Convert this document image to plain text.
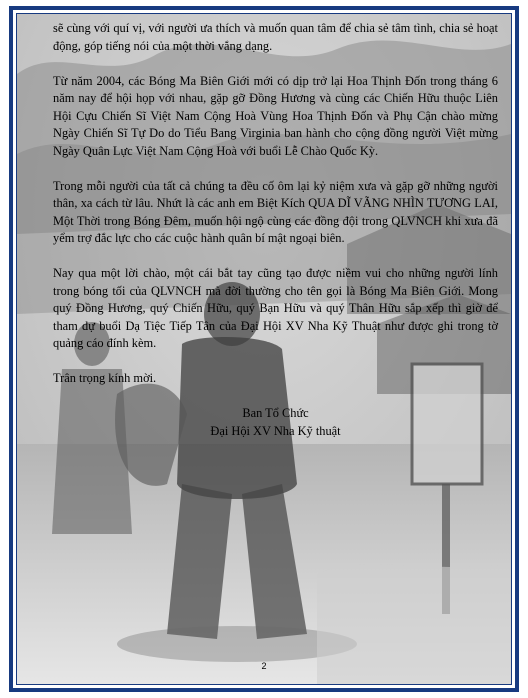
sẽ cùng với quí vị, với người ưa thích và muốn quan tâm để chia sẻ tâm tình, chia sẻ hoạt động, góp tiếng nói của một thời vắng dạng.

Từ năm 2004, các Bóng Ma Biên Giới mới có dịp trở lại Hoa Thịnh Đốn trong tháng 6 năm nay để hội họp với nhau, gặp gỡ Đồng Hương và cùng các Chiến Hữu thuộc Liên Hội Cựu Chiến Sĩ Việt Nam Cộng Hoà Vùng Hoa Thịnh Đốn và Phụ Cận chào mừng Ngày Chiến Sĩ Tự Do do Tiểu Bang Virginia ban hành cho cộng đồng người Việt mừng Ngày Quân Lực Việt Nam Cộng Hoà với buổi Lễ Chào Quốc Kỳ.

Trong mỗi người của tất cả chúng ta đều cố ôm lại kỷ niệm xưa và gặp gỡ những người thân, xa cách từ lâu. Nhứt là các anh em Biệt Kích QUA DĨ VÃNG NHÌN TƯƠNG LAI, Một Thời trong Bóng Đêm, muốn hội ngộ cùng các đồng đội trong QLVNCH khi xưa đã yểm trợ đắc lực cho các cuộc hành quân bí mật ngoại biên.

Nay qua một lời chào, một cái bắt tay cũng tạo được niềm vui cho những người lính trong bóng tối của QLVNCH mà đời thường cho tên gọi là Bóng Ma Biên Giới. Mong quý Đồng Hương, quý Chiến Hữu, quý Bạn Hữu và quý Thân Hữu sắp xếp thì giờ để tham dự buổi Dạ Tiệc Tiếp Tân của Đại Hội XV Nha Kỹ Thuật như được ghi trong tờ quảng cáo đính kèm.

Trân trọng kính mời.

Ban Tổ Chức
Đại Hội XV Nha Kỹ thuật
2
